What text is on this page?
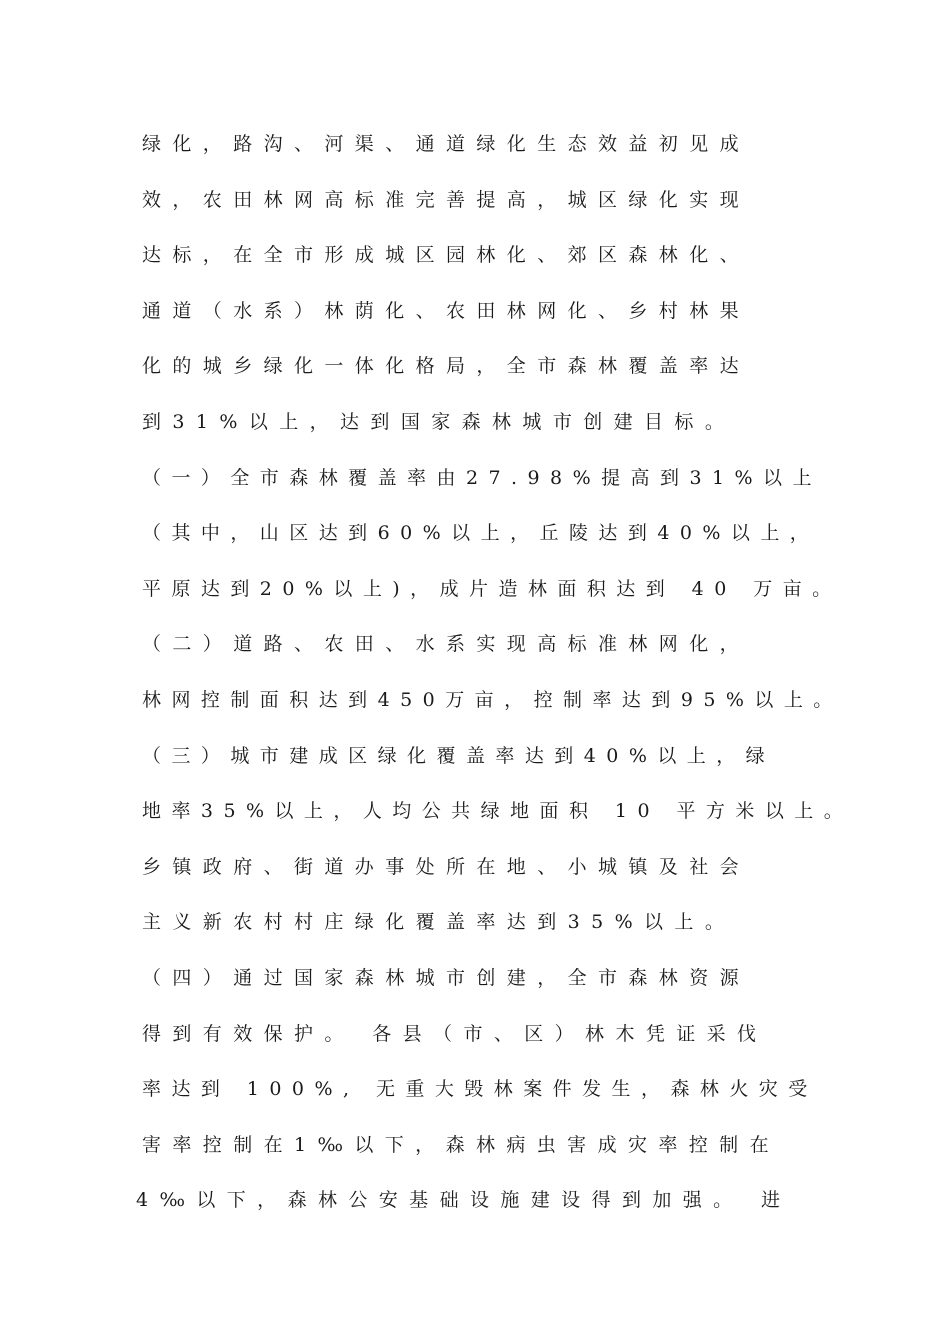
绿化，路沟、河渠、通道绿化生态效益初见成
效，农田林网高标准完善提高，城区绿化实现
达标，在全市形成城区园林化、郊区森林化、
通道（水系）林荫化、农田林网化、乡村林果
化的城乡绿化一体化格局，全市森林覆盖率达
到31%以上，达到国家森林城市创建目标。
（一）全市森林覆盖率由27.98%提高到31%以上
（其中，山区达到60%以上，丘陵达到40%以上，
平原达到20%以上)，成片造林面积达到 40 万亩。
（二）道路、农田、水系实现高标准林网化，
林网控制面积达到450万亩，控制率达到95%以上。
（三）城市建成区绿化覆盖率达到40%以上，绿
地率35%以上，人均公共绿地面积 10 平方米以上。
乡镇政府、街道办事处所在地、小城镇及社会
主义新农村村庄绿化覆盖率达到35%以上。
（四）通过国家森林城市创建，全市森林资源
得到有效保护。 各县（市、区）林木凭证采伐
率达到 100%, 无重大毁林案件发生，森林火灾受
害率控制在1‰以下，森林病虫害成灾率控制在
4‰以下，森林公安基础设施建设得到加强。 进
